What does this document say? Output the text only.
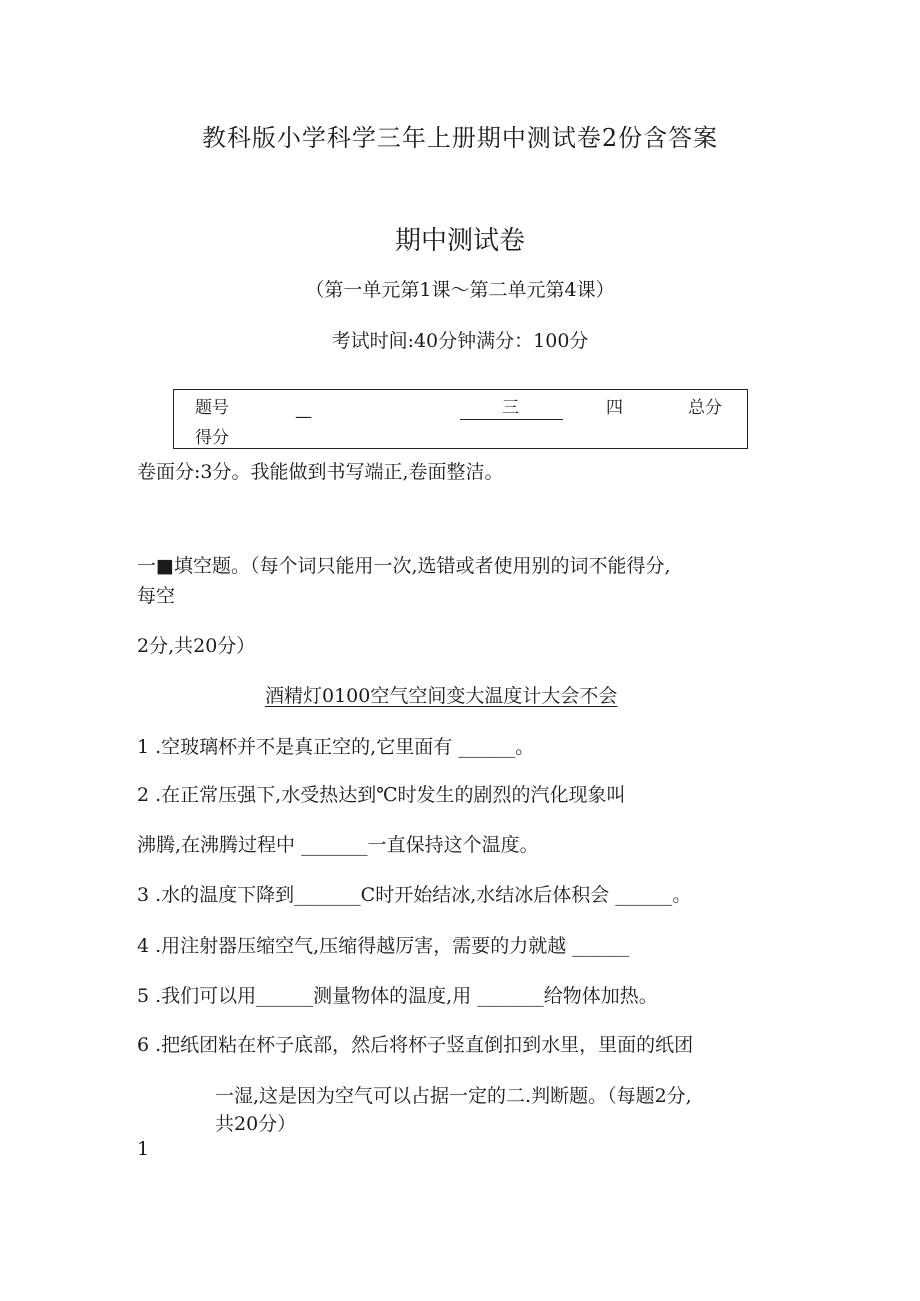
教科版小学科学三年上册期中测试卷2份含答案
期中测试卷
（第一单元第1课～第二单元第4课）
考试时间:40分钟满分：100分
题号	—	三	四	总分
得分
卷面分:3分。我能做到书写端正,卷面整洁。
一■填空题。（每个词只能用一次,选错或者使用别的词不能得分,
每空
2分,共20分）
酒精灯0100空气空间变大温度计大会不会
1 .空玻璃杯并不是真正空的,它里面有 ______。
2 .在正常压强下,水受热达到℃时发生的剧烈的汽化现象叫
沸腾,在沸腾过程中 _______一直保持这个温度。
3 .水的温度下降到_______C时开始结冰,水结冰后体积会 ______。
4 .用注射器压缩空气,压缩得越厉害，需要的力就越 ______
5 .我们可以用______测量物体的温度,用 _______给物体加热。
6 .把纸团粘在杯子底部，然后将杯子竖直倒扣到水里，里面的纸团
一湿,这是因为空气可以占据一定的二.判断题。（每题2分,
共20分）
1
